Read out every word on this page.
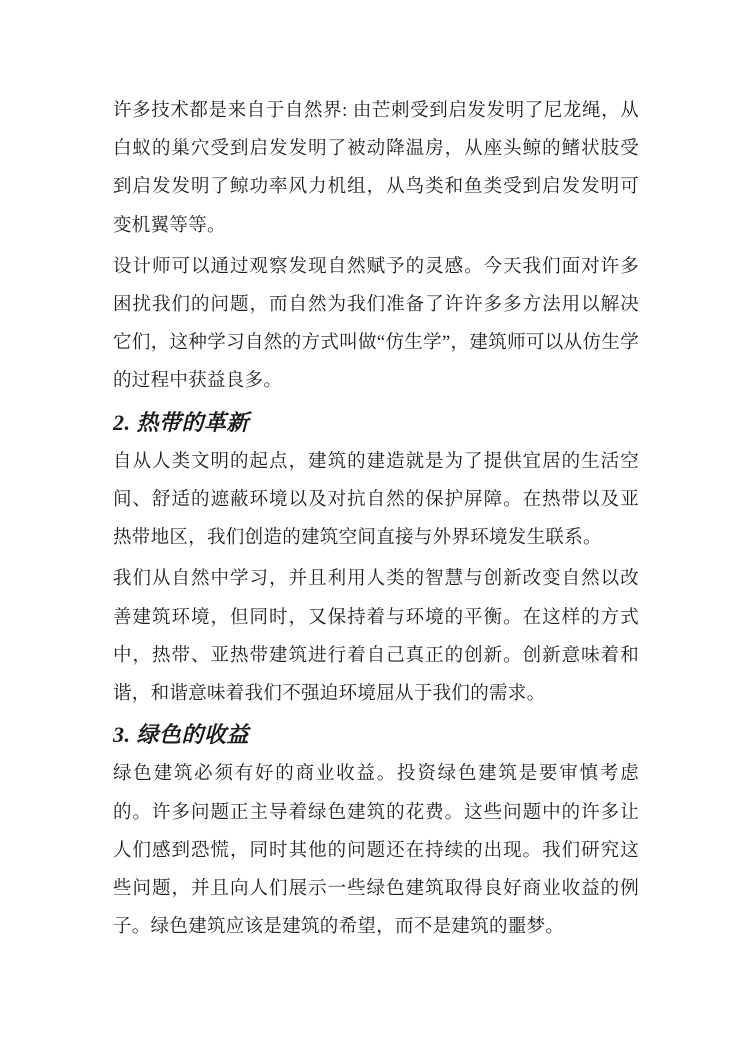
许多技术都是来自于自然界: 由芒刺受到启发发明了尼龙绳，从白蚁的巢穴受到启发发明了被动降温房，从座头鲸的鳍状肢受到启发发明了鲸功率风力机组，从鸟类和鱼类受到启发发明可变机翼等等。

设计师可以通过观察发现自然赋予的灵感。今天我们面对许多困扰我们的问题，而自然为我们准备了许许多多方法用以解决它们，这种学习自然的方式叫做“仿生学”，建筑师可以从仿生学的过程中获益良多。

2. 热带的革新

自从人类文明的起点，建筑的建造就是为了提供宜居的生活空间、舒适的遮蔽环境以及对抗自然的保护屏障。在热带以及亚热带地区，我们创造的建筑空间直接与外界环境发生联系。

我们从自然中学习，并且利用人类的智慧与创新改变自然以改善建筑环境，但同时，又保持着与环境的平衡。在这样的方式中，热带、亚热带建筑进行着自己真正的创新。创新意味着和谐，和谐意味着我们不强迫环境屈从于我们的需求。

3. 绿色的收益

绿色建筑必须有好的商业收益。投资绿色建筑是要审慎考虑的。许多问题正主导着绿色建筑的花费。这些问题中的许多让人们感到恐慌，同时其他的问题还在持续的出现。我们研究这些问题，并且向人们展示一些绿色建筑取得良好商业收益的例子。绿色建筑应该是建筑的希望，而不是建筑的噩梦。
